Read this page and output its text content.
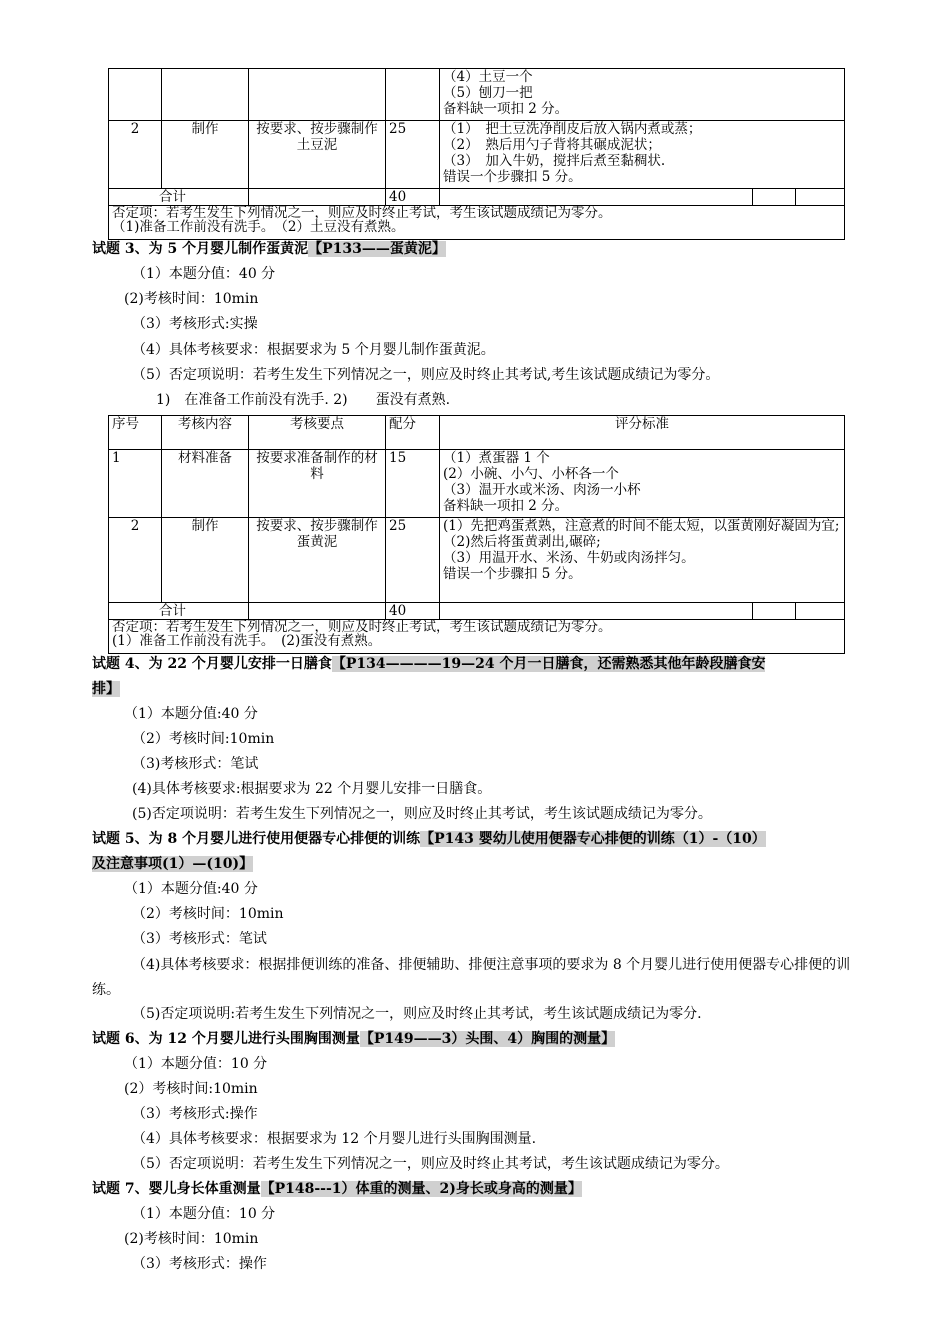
				（4）土豆一个
（5）刨刀一把
备料缺一项扣 2 分。		

2	制作	按要求、按步骤制作土豆泥	25	（1）　把土豆洗净削皮后放入锅内煮或蒸；
（2）　熟后用勺子背将其碾成泥状；
（3）　加入牛奶，搅拌后煮至黏稠状.
错误一个步骤扣 5 分。		

合计			40			

否定项：若考生发生下列情况之一，则应及时终止考试，考生该试题成绩记为零分。
（1)准备工作前没有洗手。　（2）土豆没有煮熟。						
试题 3、为 5 个月婴儿制作蛋黄泥【P133——蛋黄泥】
（1）本题分值：40 分
(2)考核时间：10min
（3）考核形式:实操
（4）具体考核要求：根据要求为 5 个月婴儿制作蛋黄泥。
（5）否定项说明：若考生发生下列情况之一，则应及时终止其考试,考生该试题成绩记为零分。
1)　在准备工作前没有洗手. 2)　　蛋没有煮熟.
序号	考核内容	考核要点	配分	评分标准		
1	材料准备	按要求准备制作的材料	15	（1）煮蛋器 1 个
(2）小碗、小勺、小杯各一个
（3）温开水或米汤、肉汤一小杯
备料缺一项扣 2 分。		

2	制作	按要求、按步骤制作蛋黄泥	25	(1）先把鸡蛋煮熟，注意煮的时间不能太短，以蛋黄刚好凝固为宜;
（2)然后将蛋黄剥出,碾碎;
（3）用温开水、米汤、牛奶或肉汤拌匀。
错误一个步骤扣 5 分。		

合计			40			

否定项：若考生发生下列情况之一，则应及时终止考试，考生该试题成绩记为零分。
(1）准备工作前没有洗手。　(2)蛋没有煮熟。						
试题 4、为 22 个月婴儿安排一日膳食【P134————19—24 个月一日膳食，还需熟悉其他年龄段膳食安
排】
（1）本题分值:40 分
（2）考核时间:10min
（3)考核形式：笔试
(4)具体考核要求:根据要求为 22 个月婴儿安排一日膳食。
(5)否定项说明：若考生发生下列情况之一，则应及时终止其考试，考生该试题成绩记为零分。
试题 5、为 8 个月婴儿进行使用便器专心排便的训练【P143 婴幼儿使用便器专心排便的训练（1）-（10）
及注意事项(1）—(10)】
（1）本题分值:40 分
（2）考核时间：10min
（3）考核形式：笔试
（4)具体考核要求：根据排便训练的准备、排便辅助、排便注意事项的要求为 8 个月婴儿进行使用便器专心排便的训练。
（5)否定项说明:若考生发生下列情况之一，则应及时终止其考试，考生该试题成绩记为零分.
试题 6、为 12 个月婴儿进行头围胸围测量【P149——3）头围、4）胸围的测量】
（1）本题分值：10 分
(2）考核时间:10min
（3）考核形式:操作
（4）具体考核要求：根据要求为 12 个月婴儿进行头围胸围测量.
（5）否定项说明：若考生发生下列情况之一，则应及时终止其考试，考生该试题成绩记为零分。
试题 7、婴儿身长体重测量【P148---1）体重的测量、2)身长或身高的测量】
（1）本题分值：10 分
(2)考核时间：10min
（3）考核形式：操作
